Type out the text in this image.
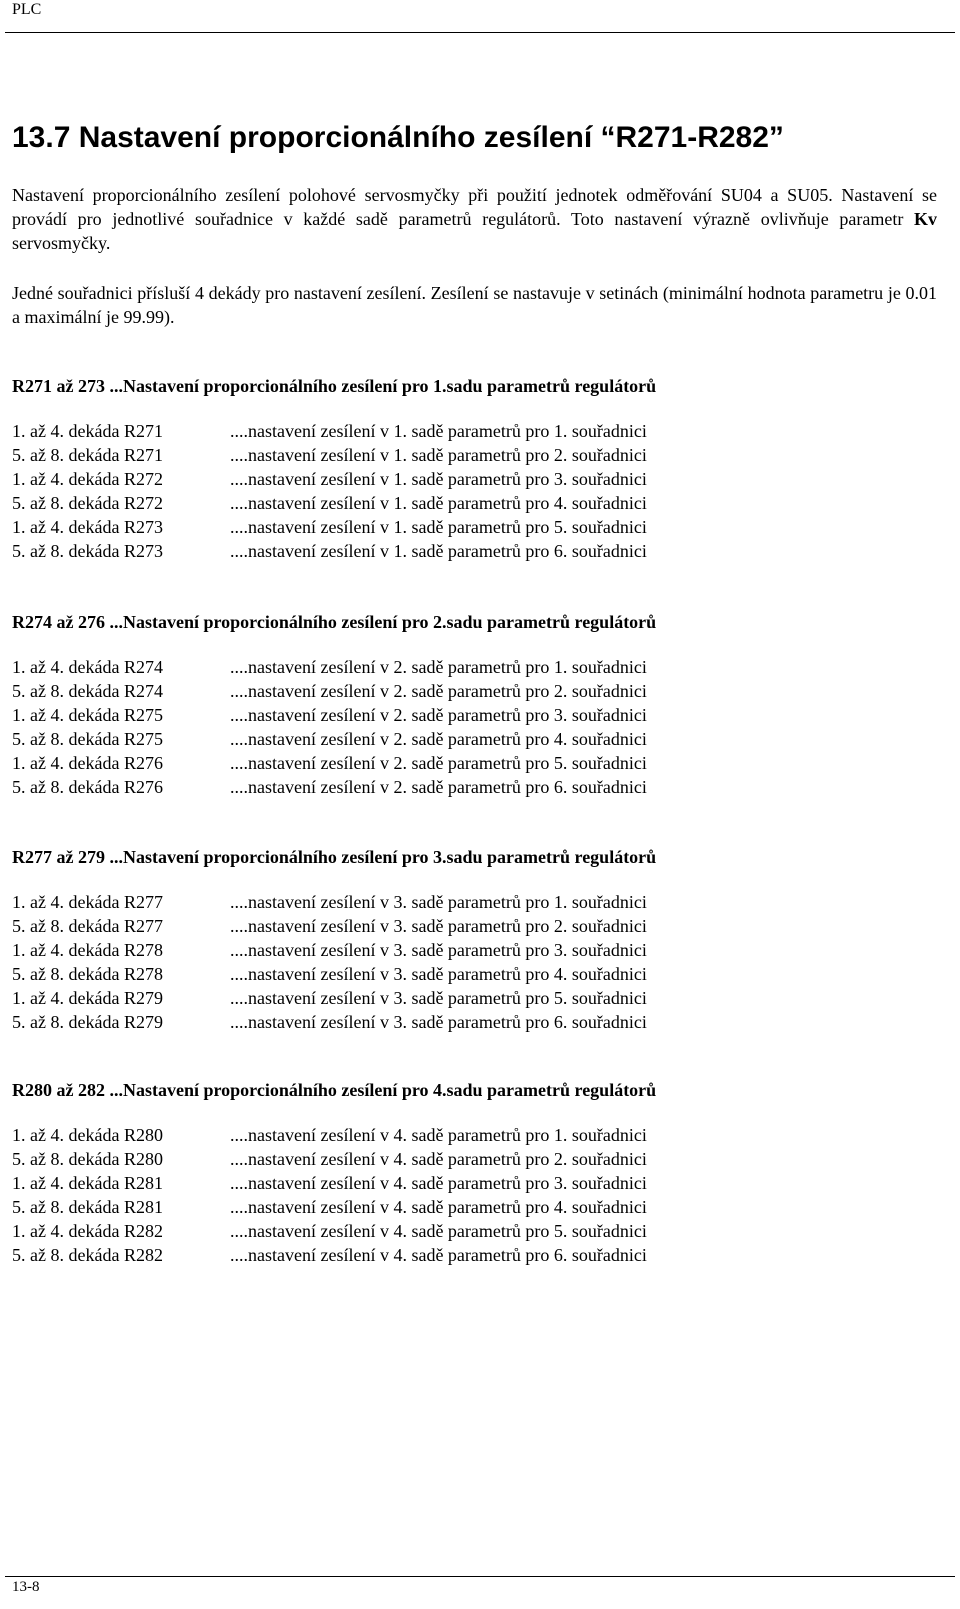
PLC
13.7 Nastavení proporcionálního zesílení “R271-R282”

Nastavení proporcionálního zesílení polohové servosmyčky při použití jednotek odměřování SU04 a SU05. Nastavení se provádí pro jednotlivé souřadnice v každé sadě parametrů regulátorů. Toto nastavení výrazně ovlivňuje parametr Kv servosmyčky.

Jedné souřadnici přísluší 4 dekády pro nastavení zesílení. Zesílení se nastavuje v setinách (minimální hodnota parametru je 0.01 a maximální je 99.99).

R271 až 273 ...Nastavení proporcionálního zesílení pro 1.sadu parametrů regulátorů
1. až 4. dekáda R271	....nastavení zesílení v 1. sadě parametrů pro 1. souřadnici
5. až 8. dekáda R271	....nastavení zesílení v 1. sadě parametrů pro 2. souřadnici
1. až 4. dekáda R272	....nastavení zesílení v 1. sadě parametrů pro 3. souřadnici
5. až 8. dekáda R272	....nastavení zesílení v 1. sadě parametrů pro 4. souřadnici
1. až 4. dekáda R273	....nastavení zesílení v 1. sadě parametrů pro 5. souřadnici
5. až 8. dekáda R273	....nastavení zesílení v 1. sadě parametrů pro 6. souřadnici
R274 až 276 ...Nastavení proporcionálního zesílení pro 2.sadu parametrů regulátorů
1. až 4. dekáda R274	....nastavení zesílení v 2. sadě parametrů pro 1. souřadnici
5. až 8. dekáda R274	....nastavení zesílení v 2. sadě parametrů pro 2. souřadnici
1. až 4. dekáda R275	....nastavení zesílení v 2. sadě parametrů pro 3. souřadnici
5. až 8. dekáda R275	....nastavení zesílení v 2. sadě parametrů pro 4. souřadnici
1. až 4. dekáda R276	....nastavení zesílení v 2. sadě parametrů pro 5. souřadnici
5. až 8. dekáda R276	....nastavení zesílení v 2. sadě parametrů pro 6. souřadnici
R277 až 279 ...Nastavení proporcionálního zesílení pro 3.sadu parametrů regulátorů
1. až 4. dekáda R277	....nastavení zesílení v 3. sadě parametrů pro 1. souřadnici
5. až 8. dekáda R277	....nastavení zesílení v 3. sadě parametrů pro 2. souřadnici
1. až 4. dekáda R278	....nastavení zesílení v 3. sadě parametrů pro 3. souřadnici
5. až 8. dekáda R278	....nastavení zesílení v 3. sadě parametrů pro 4. souřadnici
1. až 4. dekáda R279	....nastavení zesílení v 3. sadě parametrů pro 5. souřadnici
5. až 8. dekáda R279	....nastavení zesílení v 3. sadě parametrů pro 6. souřadnici
R280 až 282 ...Nastavení proporcionálního zesílení pro 4.sadu parametrů regulátorů
1. až 4. dekáda R280	....nastavení zesílení v 4. sadě parametrů pro 1. souřadnici
5. až 8. dekáda R280	....nastavení zesílení v 4. sadě parametrů pro 2. souřadnici
1. až 4. dekáda R281	....nastavení zesílení v 4. sadě parametrů pro 3. souřadnici
5. až 8. dekáda R281	....nastavení zesílení v 4. sadě parametrů pro 4. souřadnici
1. až 4. dekáda R282	....nastavení zesílení v 4. sadě parametrů pro 5. souřadnici
5. až 8. dekáda R282	....nastavení zesílení v 4. sadě parametrů pro 6. souřadnici
13-8
